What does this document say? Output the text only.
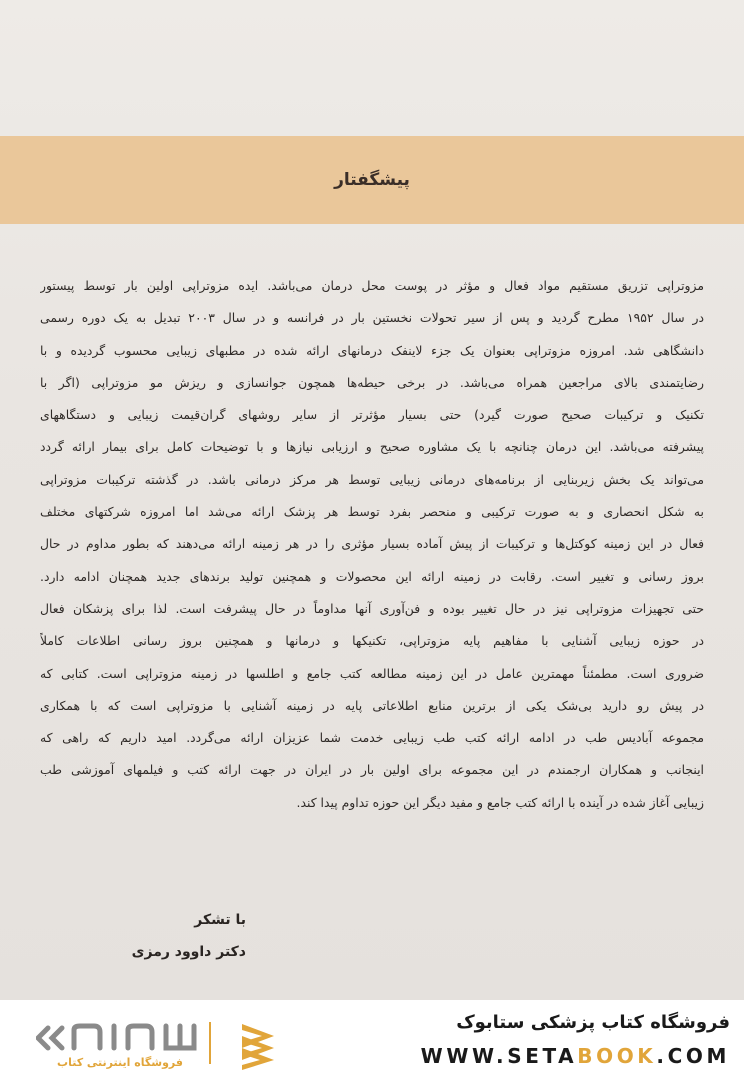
پیشگفتار
مزوتراپی تزریق مستقیم مواد فعال و مؤثر در پوست محل درمان می‌باشد. ایده مزوتراپی اولین بار توسط پیستور
در سال ۱۹۵۲ مطرح گردید و پس از سیر تحولات نخستین بار در فرانسه و در سال ۲۰۰۳ تبدیل به یک دوره رسمی
دانشگاهی شد. امروزه مزوتراپی بعنوان یک جزء لاینفک درمانهای ارائه شده در مطبهای زیبایی محسوب گردیده و با
رضایتمندی بالای مراجعین همراه می‌باشد. در برخی حیطه‌ها همچون جوانسازی و ریزش مو مزوتراپی (اگر با
تکنیک و ترکیبات صحیح صورت گیرد) حتی بسیار مؤثرتر از سایر روشهای گران‌قیمت زیبایی و دستگاههای
پیشرفته می‌باشد. این درمان چنانچه با یک مشاوره صحیح و ارزیابی نیازها و با توضیحات کامل برای بیمار ارائه گردد
می‌تواند یک بخش زیربنایی از برنامه‌های درمانی زیبایی توسط هر مرکز درمانی باشد. در گذشته ترکیبات مزوتراپی
به شکل انحصاری و به صورت ترکیبی و منحصر بفرد توسط هر پزشک ارائه می‌شد اما امروزه شرکتهای مختلف
فعال در این زمینه کوکتل‌ها و ترکیبات از پیش آماده بسیار مؤثری را در هر زمینه ارائه می‌دهند که بطور مداوم در حال
بروز رسانی و تغییر است. رقابت در زمینه ارائه این محصولات و همچنین تولید برندهای جدید همچنان ادامه دارد.
حتی تجهیزات مزوتراپی نیز در حال تغییر بوده و فن‌آوری آنها مداوماً در حال پیشرفت است. لذا برای پزشکان فعال
در حوزه زیبایی آشنایی با مفاهیم پایه مزوتراپی، تکنیکها و درمانها و همچنین بروز رسانی اطلاعات کاملاً
ضروری است. مطمئناً مهمترین عامل در این زمینه مطالعه کتب جامع و اطلسها در زمینه مزوتراپی است. کتابی که
در پیش رو دارید بی‌شک یکی از برترین منابع اطلاعاتی پایه در زمینه آشنایی با مزوتراپی است که با همکاری
مجموعه آبادیس طب در ادامه ارائه کتب طب زیبایی خدمت شما عزیزان ارائه می‌گردد. امید داریم که راهی که
اینجانب و همکاران ارجمندم در این مجموعه برای اولین بار در ایران در جهت ارائه کتب و فیلمهای آموزشی طب
زیبایی آغاز شده در آینده با ارائه کتب جامع و مفید دیگر این حوزه تداوم پیدا کند.
با تشکر
دکتر داوود رمزی
فروشگاه اینترنتی کتاب
فروشگاه کتاب پزشکی ستابوک
WWW.SETABOOK.COM
